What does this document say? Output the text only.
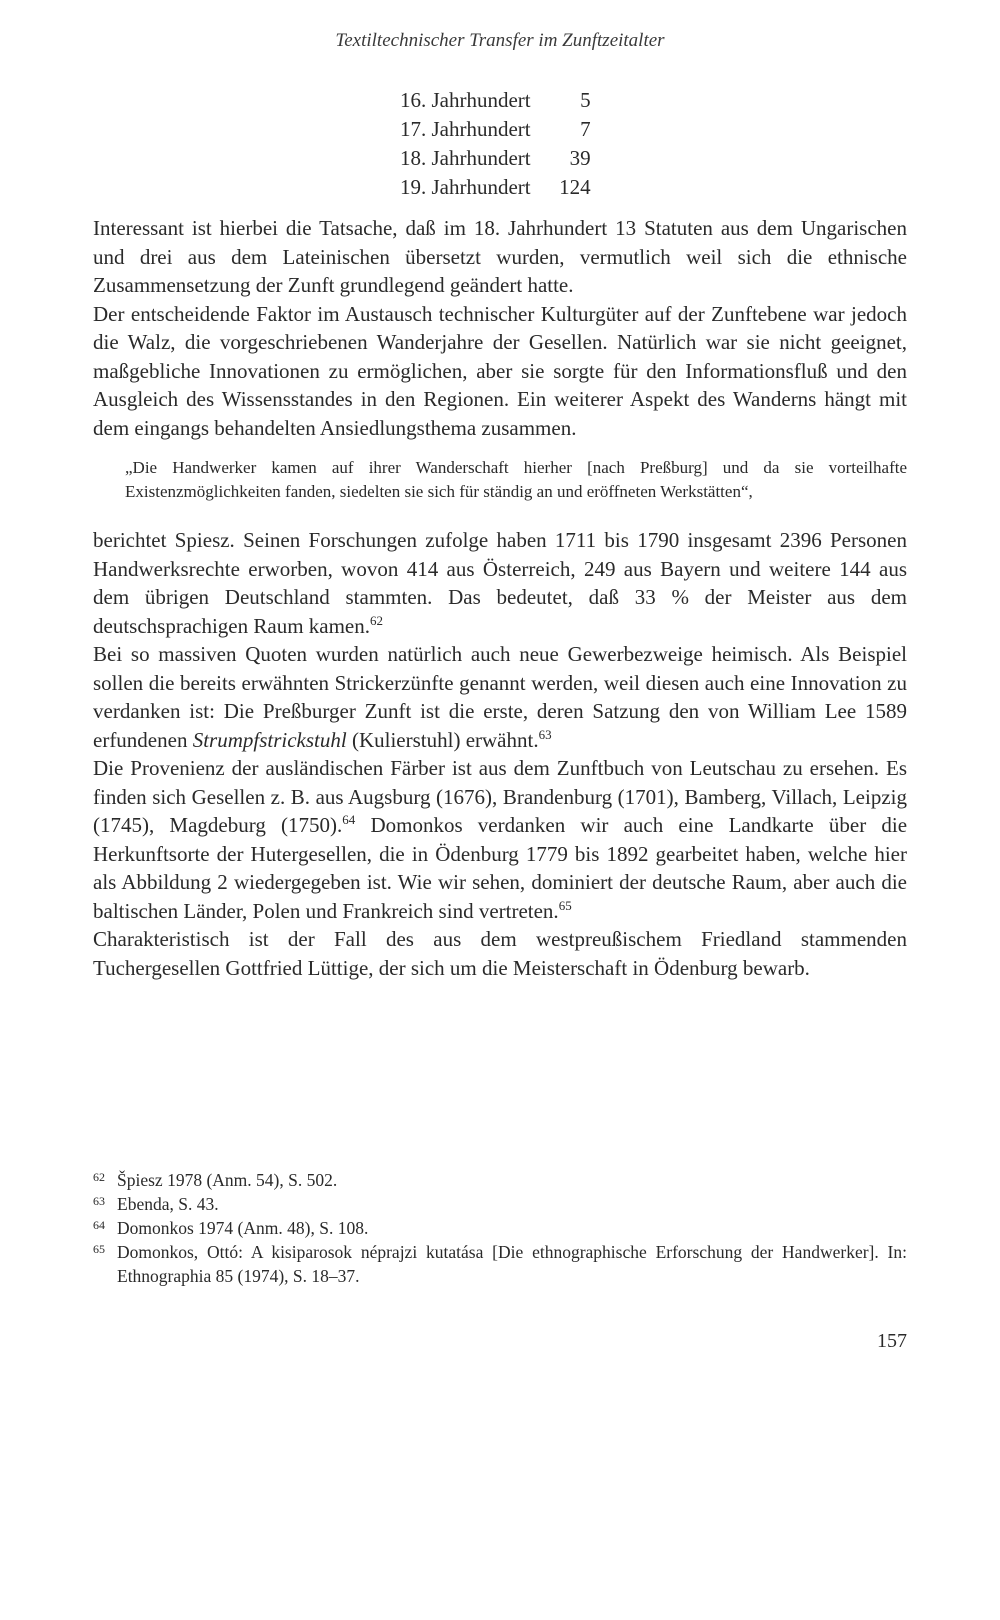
Textiltechnischer Transfer im Zunftzeitalter
16. Jahrhundert	5
17. Jahrhundert	7
18. Jahrhundert	39
19. Jahrhundert	124

Interessant ist hierbei die Tatsache, daß im 18. Jahrhundert 13 Statuten aus dem Ungarischen und drei aus dem Lateinischen übersetzt wurden, vermutlich weil sich die ethnische Zusammensetzung der Zunft grundlegend geändert hatte.

Der entscheidende Faktor im Austausch technischer Kulturgüter auf der Zunftebene war jedoch die Walz, die vorgeschriebenen Wanderjahre der Gesellen. Natürlich war sie nicht geeignet, maßgebliche Innovationen zu ermöglichen, aber sie sorgte für den Informationsfluß und den Ausgleich des Wissensstandes in den Regionen. Ein weiterer Aspekt des Wanderns hängt mit dem eingangs behandelten Ansiedlungsthema zusammen.

„Die Handwerker kamen auf ihrer Wanderschaft hierher [nach Preßburg] und da sie vorteilhafte Existenzmöglichkeiten fanden, siedelten sie sich für ständig an und eröffneten Werkstätten“,

berichtet Spiesz. Seinen Forschungen zufolge haben 1711 bis 1790 insgesamt 2396 Personen Handwerksrechte erworben, wovon 414 aus Österreich, 249 aus Bayern und weitere 144 aus dem übrigen Deutschland stammten. Das bedeutet, daß 33 % der Meister aus dem deutschsprachigen Raum kamen.$^{62}$

Bei so massiven Quoten wurden natürlich auch neue Gewerbezweige heimisch. Als Beispiel sollen die bereits erwähnten Strickerzünfte genannt werden, weil diesen auch eine Innovation zu verdanken ist: Die Preßburger Zunft ist die erste, deren Satzung den von William Lee 1589 erfundenen Strumpfstrickstuhl (Kulierstuhl) erwähnt.$^{63}$

Die Provenienz der ausländischen Färber ist aus dem Zunftbuch von Leutschau zu ersehen. Es finden sich Gesellen z. B. aus Augsburg (1676), Brandenburg (1701), Bamberg, Villach, Leipzig (1745), Magdeburg (1750).$^{64}$ Domonkos verdanken wir auch eine Landkarte über die Herkunftsorte der Hutergesellen, die in Ödenburg 1779 bis 1892 gearbeitet haben, welche hier als Abbildung 2 wiedergegeben ist. Wie wir sehen, dominiert der deutsche Raum, aber auch die baltischen Länder, Polen und Frankreich sind vertreten.$^{65}$

Charakteristisch ist der Fall des aus dem westpreußischem Friedland stammenden Tuchergesellen Gottfried Lüttige, der sich um die Meisterschaft in Ödenburg bewarb.

62 Špiesz 1978 (Anm. 54), S. 502.
63 Ebenda, S. 43.
64 Domonkos 1974 (Anm. 48), S. 108.
65 Domonkos, Ottó: A kisiparosok néprajzi kutatása [Die ethnographische Erforschung der Handwerker]. In: Ethnographia 85 (1974), S. 18–37.
157
